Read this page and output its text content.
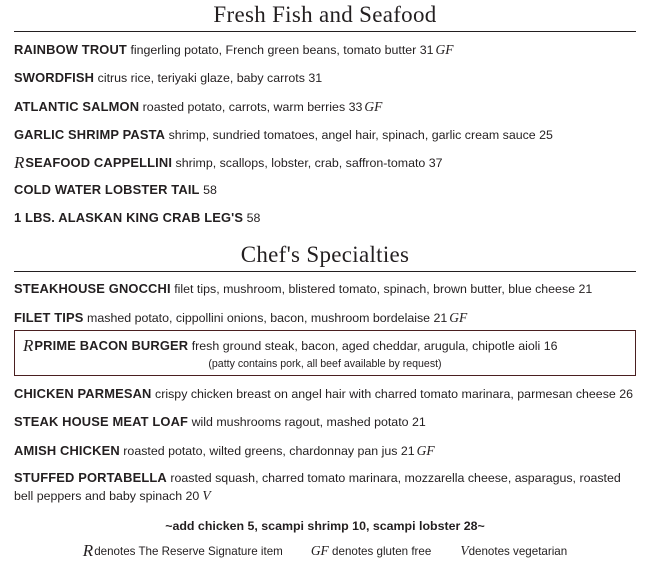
Fresh Fish and Seafood
RAINBOW TROUT fingerling potato, French green beans, tomato butter 31 GF
SWORDFISH citrus rice, teriyaki glaze, baby carrots 31
ATLANTIC SALMON roasted potato, carrots, warm berries 33 GF
GARLIC SHRIMP PASTA shrimp, sundried tomatoes, angel hair, spinach, garlic cream sauce 25
RSEAFOOD CAPPELLINI shrimp, scallops, lobster, crab, saffron-tomato 37
COLD WATER LOBSTER TAIL 58
1 LBS. ALASKAN KING CRAB LEG'S 58
Chef's Specialties
STEAKHOUSE GNOCCHI filet tips, mushroom, blistered tomato, spinach, brown butter, blue cheese 21
FILET TIPS mashed potato, cippollini onions, bacon, mushroom bordelaise 21 GF
RPRIME BACON BURGER fresh ground steak, bacon, aged cheddar, arugula, chipotle aioli 16
(patty contains pork, all beef available by request)
CHICKEN PARMESAN crispy chicken breast on angel hair with charred tomato marinara, parmesan cheese 26
STEAK HOUSE MEAT LOAF wild mushrooms ragout, mashed potato 21
AMISH CHICKEN roasted potato, wilted greens, chardonnay pan jus 21 GF
STUFFED PORTABELLA roasted squash, charred tomato marinara, mozzarella cheese, asparagus, roasted bell peppers and baby spinach 20 V
~add chicken 5, scampi shrimp 10, scampi lobster 28~
Rdenotes The Reserve Signature item GF denotes gluten free Vdenotes vegetarian
